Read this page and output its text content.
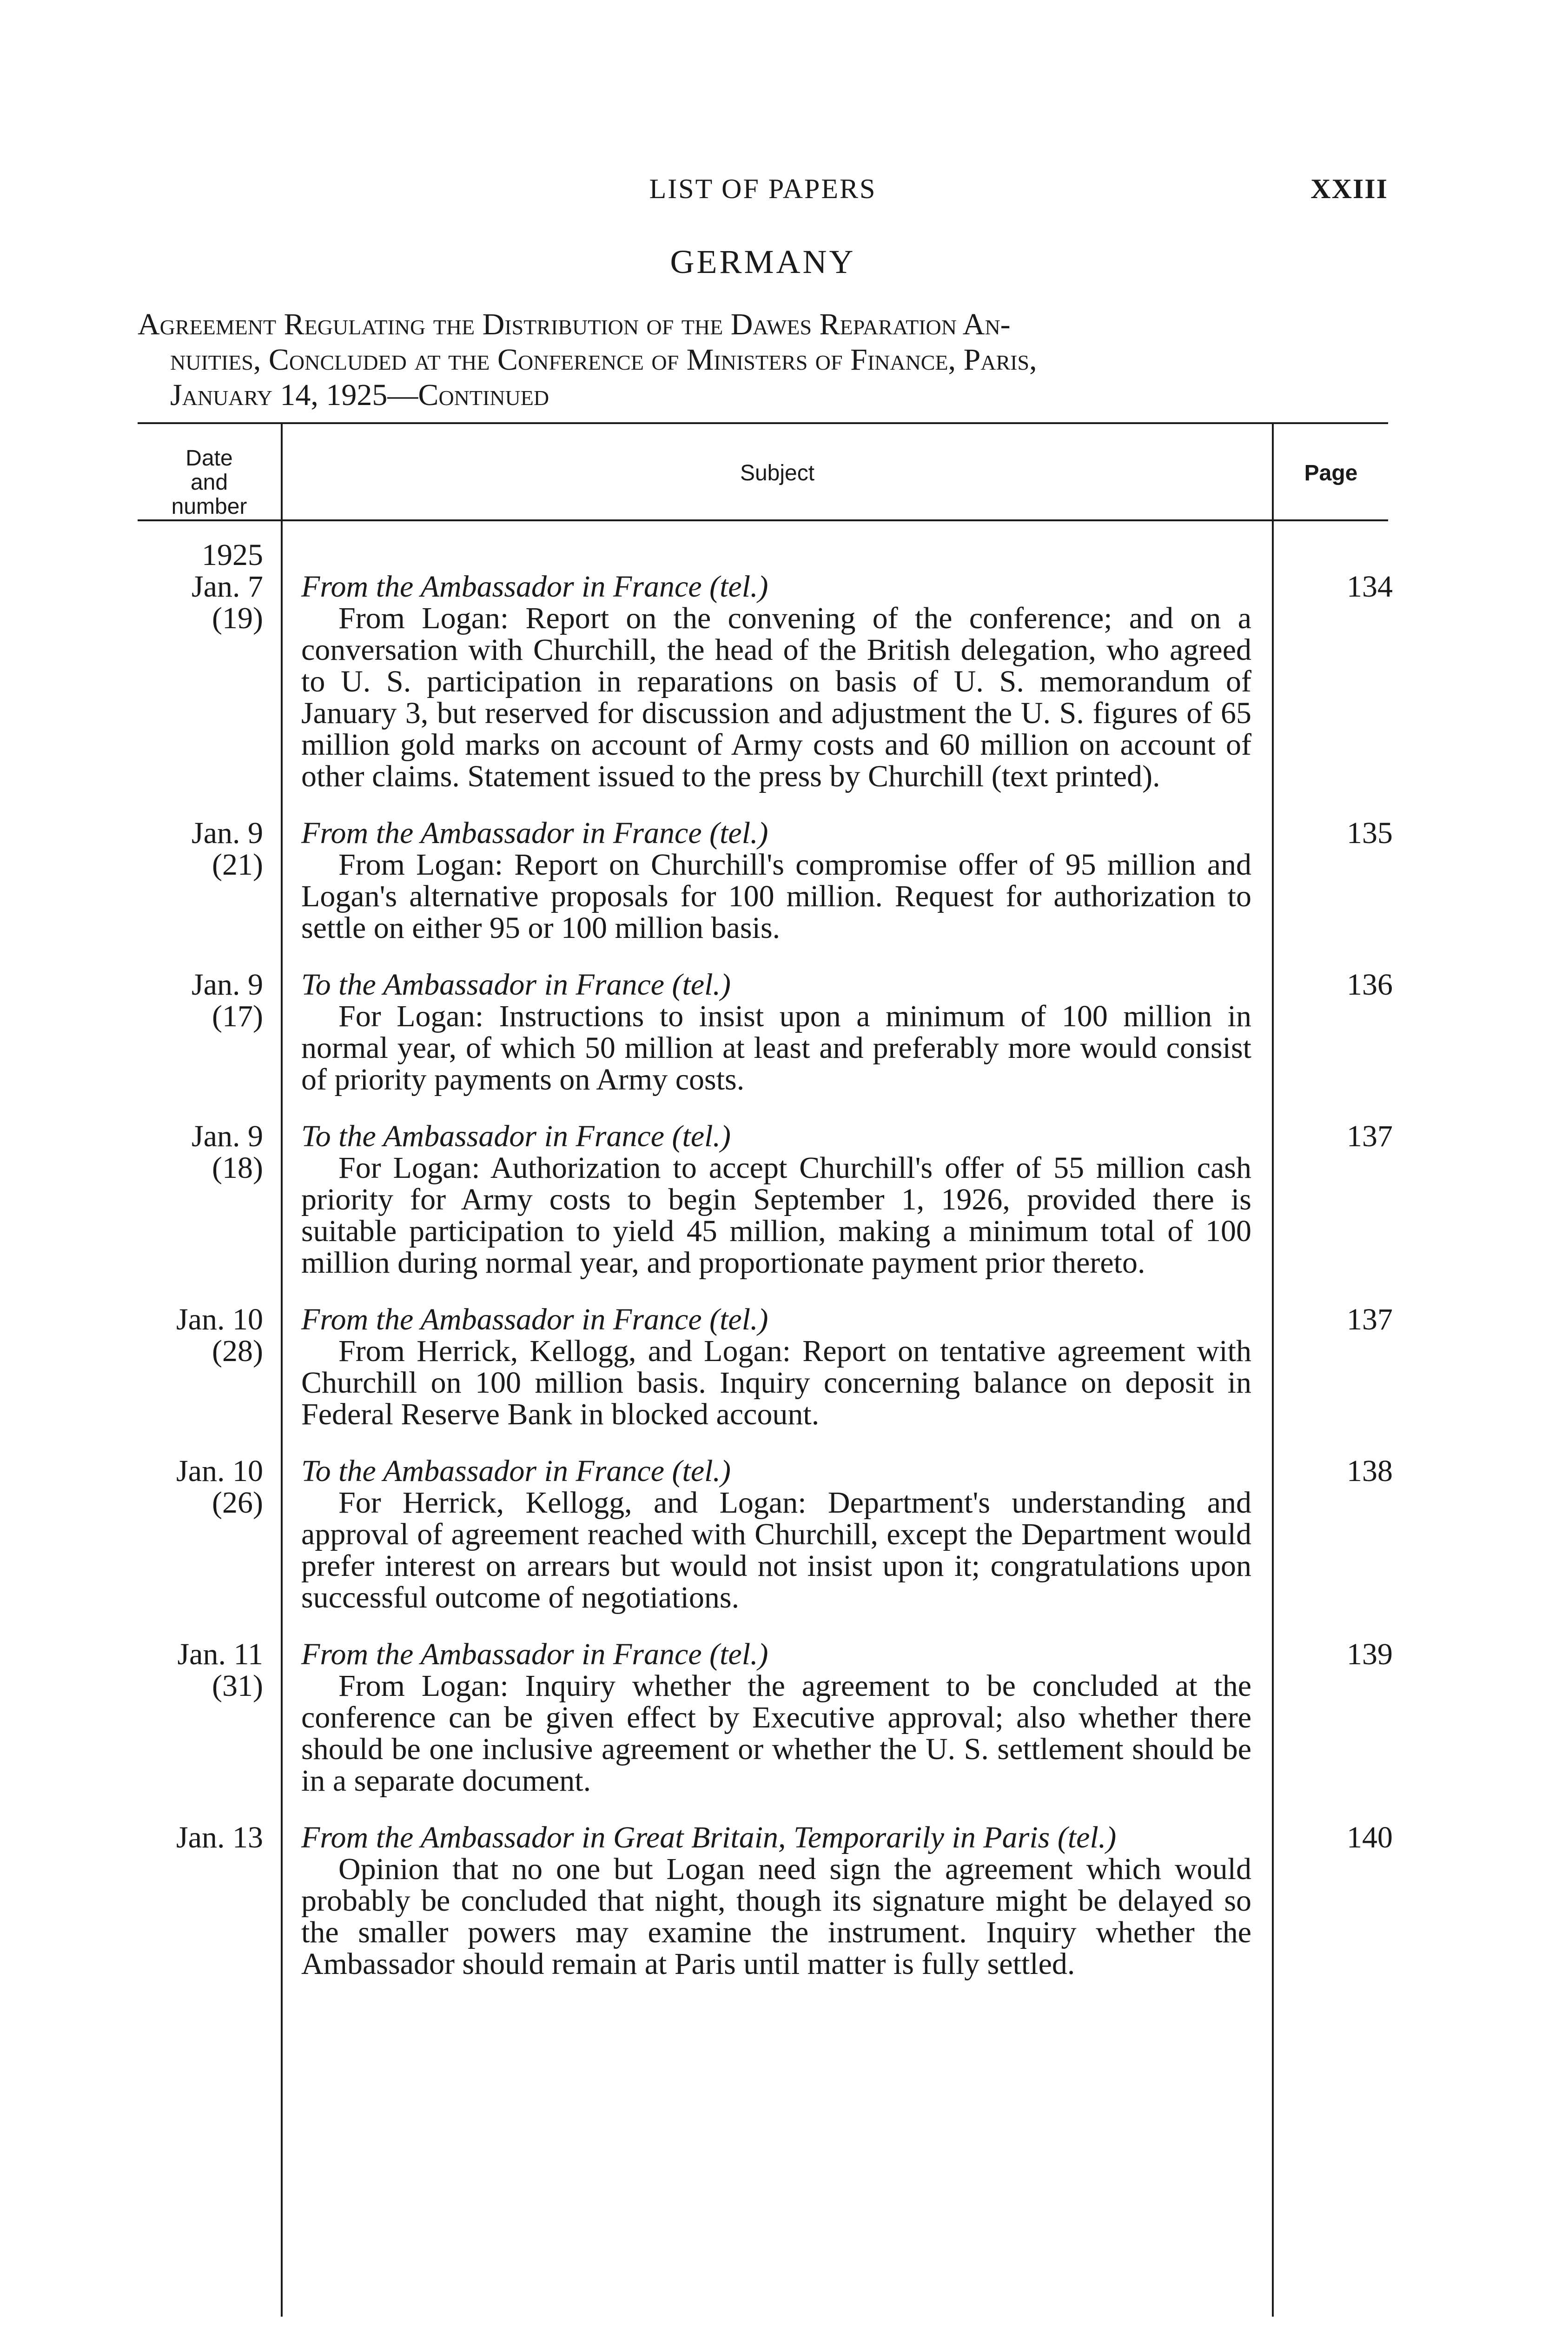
LIST OF PAPERS	XXIII
GERMANY
Agreement Regulating the Distribution of the Dawes Reparation An-
nuities, Concluded at the Conference of Ministers of Finance, Paris,
January 14, 1925—Continued
Date and number
Subject	Page
1925
Jan. 7
(19)
From the Ambassador in France (tel.)
From Logan: Report on the convening of the conference; and on a conversation with Churchill, the head of the British delegation, who agreed to U. S. participation in reparations on basis of U. S. memorandum of January 3, but reserved for discussion and adjustment the U. S. figures of 65 million gold marks on account of Army costs and 60 million on account of other claims. Statement issued to the press by Churchill (text printed).
134
Jan. 9
(21)
From the Ambassador in France (tel.)
From Logan: Report on Churchill's compromise offer of 95 million and Logan's alternative proposals for 100 million. Request for authorization to settle on either 95 or 100 million basis.
135
Jan. 9
(17)
To the Ambassador in France (tel.)
For Logan: Instructions to insist upon a minimum of 100 million in normal year, of which 50 million at least and preferably more would consist of priority payments on Army costs.
136
Jan. 9
(18)
To the Ambassador in France (tel.)
For Logan: Authorization to accept Churchill's offer of 55 million cash priority for Army costs to begin September 1, 1926, provided there is suitable participation to yield 45 million, making a minimum total of 100 million during normal year, and proportionate payment prior thereto.
137
Jan. 10
(28)
From the Ambassador in France (tel.)
From Herrick, Kellogg, and Logan: Report on tentative agreement with Churchill on 100 million basis. Inquiry concerning balance on deposit in Federal Reserve Bank in blocked account.
137
Jan. 10
(26)
To the Ambassador in France (tel.)
For Herrick, Kellogg, and Logan: Department's understanding and approval of agreement reached with Churchill, except the Department would prefer interest on arrears but would not insist upon it; congratulations upon successful outcome of negotiations.
138
Jan. 11
(31)
From the Ambassador in France (tel.)
From Logan: Inquiry whether the agreement to be concluded at the conference can be given effect by Executive approval; also whether there should be one inclusive agreement or whether the U. S. settlement should be in a separate document.
139
Jan. 13 From the Ambassador in Great Britain, Temporarily in Paris (tel.)
Opinion that no one but Logan need sign the agreement which would probably be concluded that night, though its signature might be delayed so the smaller powers may examine the instrument. Inquiry whether the Ambassador should remain at Paris until matter is fully settled.
140
